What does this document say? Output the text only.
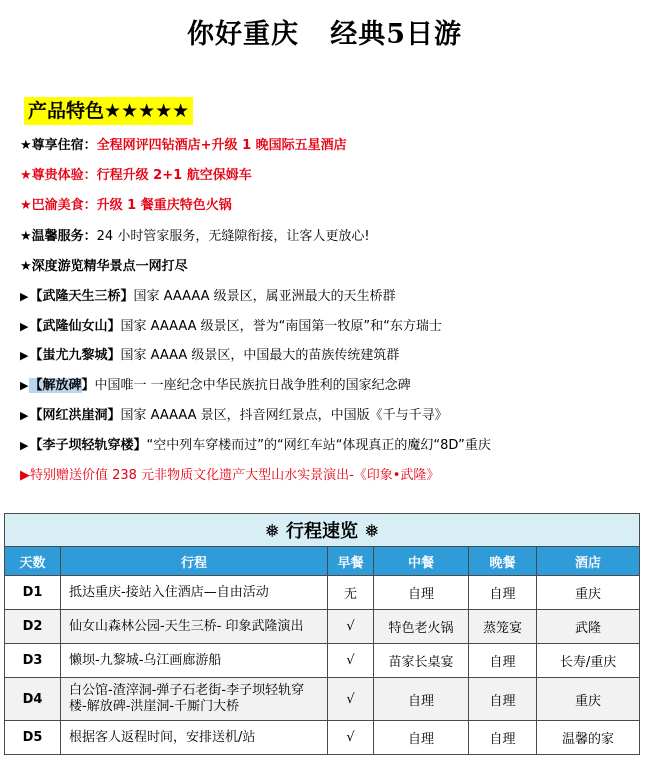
你好重庆   经典5日游
产品特色★★★★★
★尊享住宿：全程网评四钻酒店+升级 1 晚国际五星酒店
★尊贵体验：行程升级 2+1 航空保姆车
★巴渝美食：升级 1 餐重庆特色火锅
★温馨服务：24 小时管家服务，无缝隙衔接，让客人更放心!
★深度游览精华景点一网打尽
▶【武隆天生三桥】国家 AAAAA 级景区，属亚洲最大的天生桥群
▶【武隆仙女山】国家 AAAAA 级景区，誉为“南国第一牧原”和“东方瑞士
▶【蚩尤九黎城】国家 AAAA 级景区，中国最大的苗族传统建筑群
▶【解放碑】中国唯一 一座纪念中华民族抗日战争胜利的国家纪念碑
▶【网红洪崖洞】国家 AAAAA 景区，抖音网红景点，中国版《千与千寻》
▶【李子坝轻轨穿楼】“空中列车穿楼而过”的“网红车站“体现真正的魔幻“8D”重庆
▶特别赠送价值 238 元非物质文化遗产大型山水实景演出-《印象•武隆》
❅ 行程速览 ❅					
天数	行程	早餐	中餐	晚餐	酒店
D1	抵达重庆-接站入住酒店—自由活动	无	自理	自理	重庆
D2	仙女山森林公园-天生三桥- 印象武隆演出	√	特色老火锅	蒸笼宴	武隆
D3	懒坝-九黎城-乌江画廊游船	√	苗家长桌宴	自理	长寿/重庆
D4	白公馆-渣滓洞-弹子石老街-李子坝轻轨穿楼-解放碑-洪崖洞-千厮门大桥	√	自理	自理	重庆
D5	根据客人返程时间，安排送机/站	√	自理	自理	温馨的家
